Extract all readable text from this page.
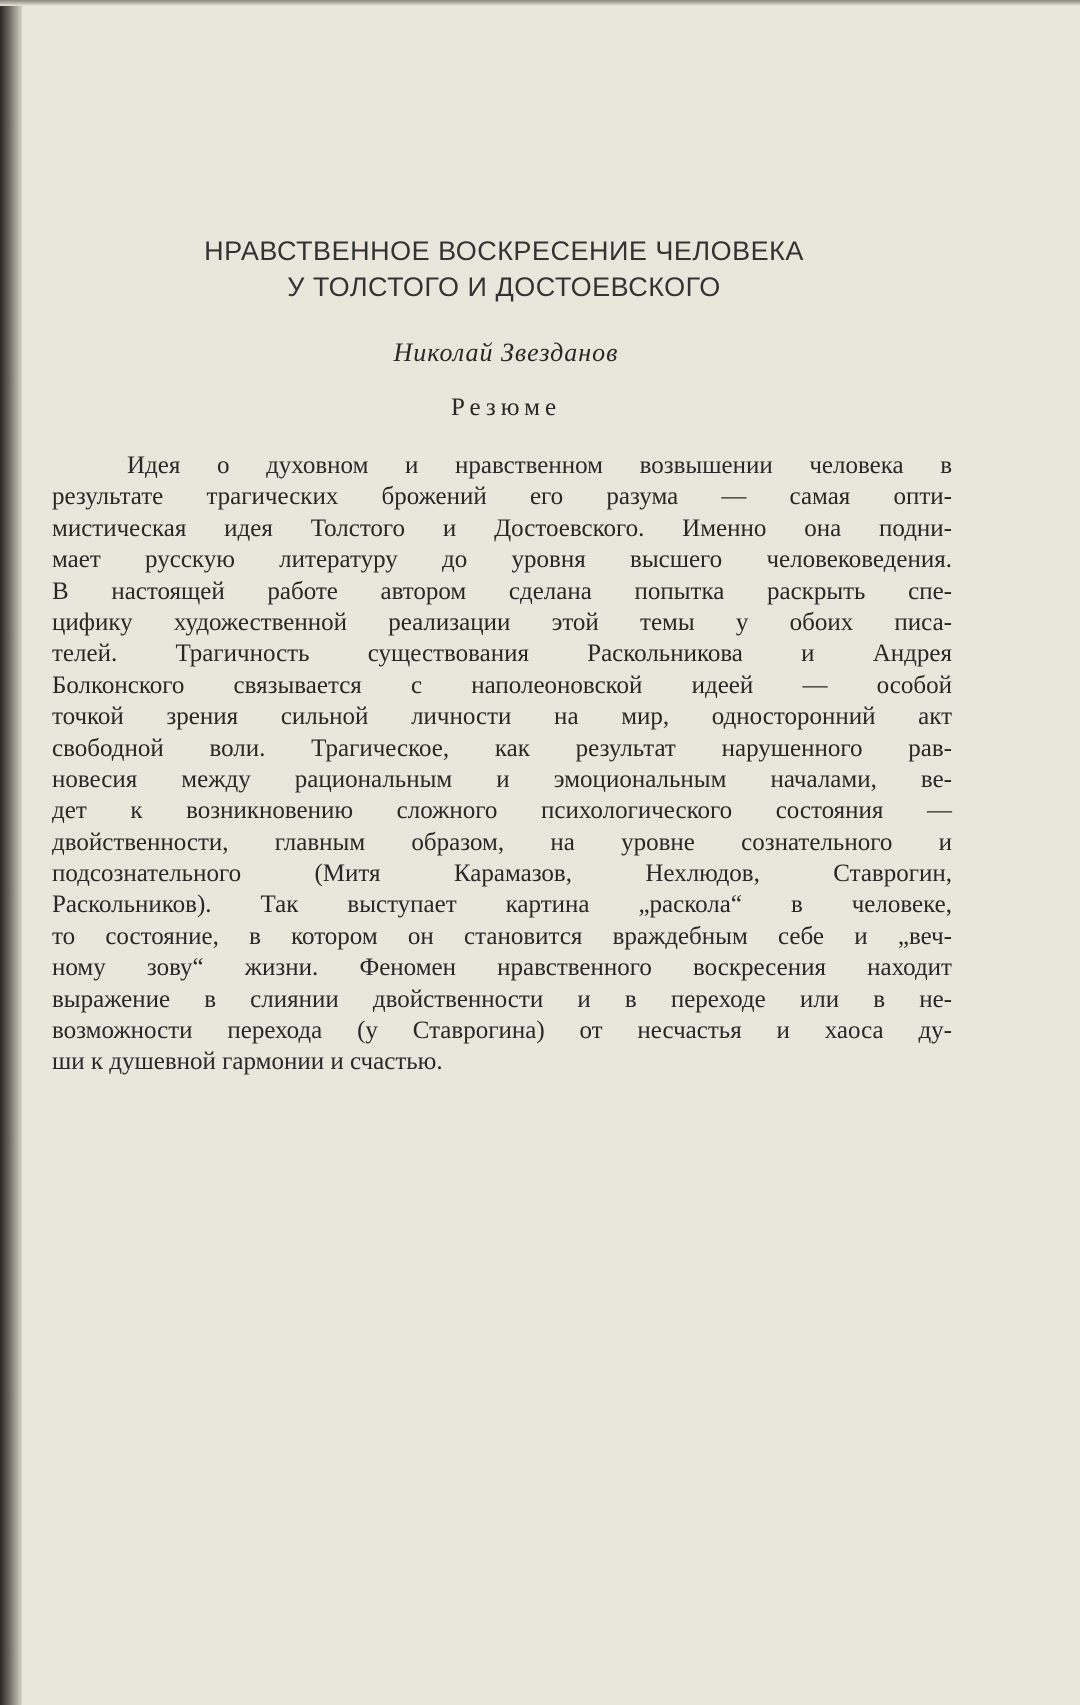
НРАВСТВЕННОЕ ВОСКРЕСЕНИЕ ЧЕЛОВЕКА
У ТОЛСТОГО И ДОСТОЕВСКОГО
Николай Звезданов
Резюме
Идея о духовном и нравственном возвышении человека в
результате трагических брожений его разума — самая опти-
мистическая идея Толстого и Достоевского. Именно она подни-
мает русскую литературу до уровня высшего человековедения.
В настоящей работе автором сделана попытка раскрыть спе-
цифику художественной реализации этой темы у обоих писа-
телей. Трагичность существования Раскольникова и Андрея
Болконского связывается с наполеоновской идеей — особой
точкой зрения сильной личности на мир, односторонний акт
свободной воли. Трагическое, как результат нарушенного рав-
новесия между рациональным и эмоциональным началами, ве-
дет к возникновению сложного психологического состояния —
двойственности, главным образом, на уровне сознательного и
подсознательного (Митя Карамазов, Нехлюдов, Ставрогин,
Раскольников). Так выступает картина „раскола“ в человеке,
то состояние, в котором он становится враждебным себе и „веч-
ному зову“ жизни. Феномен нравственного воскресения находит
выражение в слиянии двойственности и в переходе или в не-
возможности перехода (у Ставрогина) от несчастья и хаоса ду-
ши к душевной гармонии и счастью.
